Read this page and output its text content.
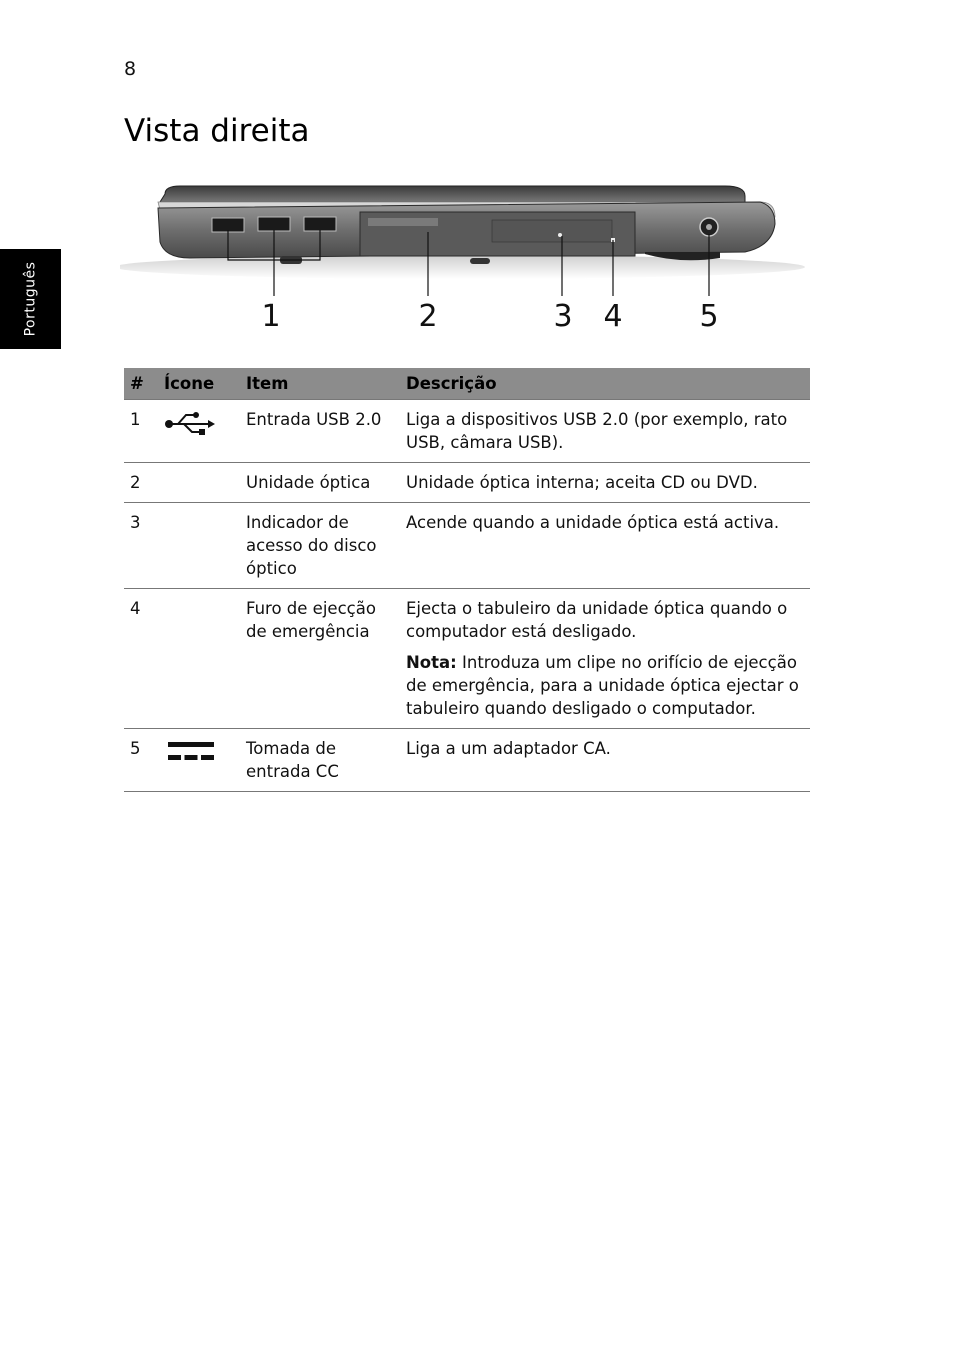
8
Português
Vista direita
1	2	3 4	5
#	Ícone	Item	Descrição
1		Entrada USB 2.0	Liga a dispositivos USB 2.0 (por exemplo, rato USB, câmara USB).
2		Unidade óptica	Unidade óptica interna; aceita CD ou DVD.
3		Indicador de acesso do disco óptico	Acende quando a unidade óptica está activa.
4		Furo de ejecção de emergência	Ejecta o tabuleiro da unidade óptica quando o computador está desligado.
Nota: Introduza um clipe no orifício de ejecção de emergência, para a unidade óptica ejectar o tabuleiro quando desligado o computador.

5		Tomada de entrada CC	Liga a um adaptador CA.
